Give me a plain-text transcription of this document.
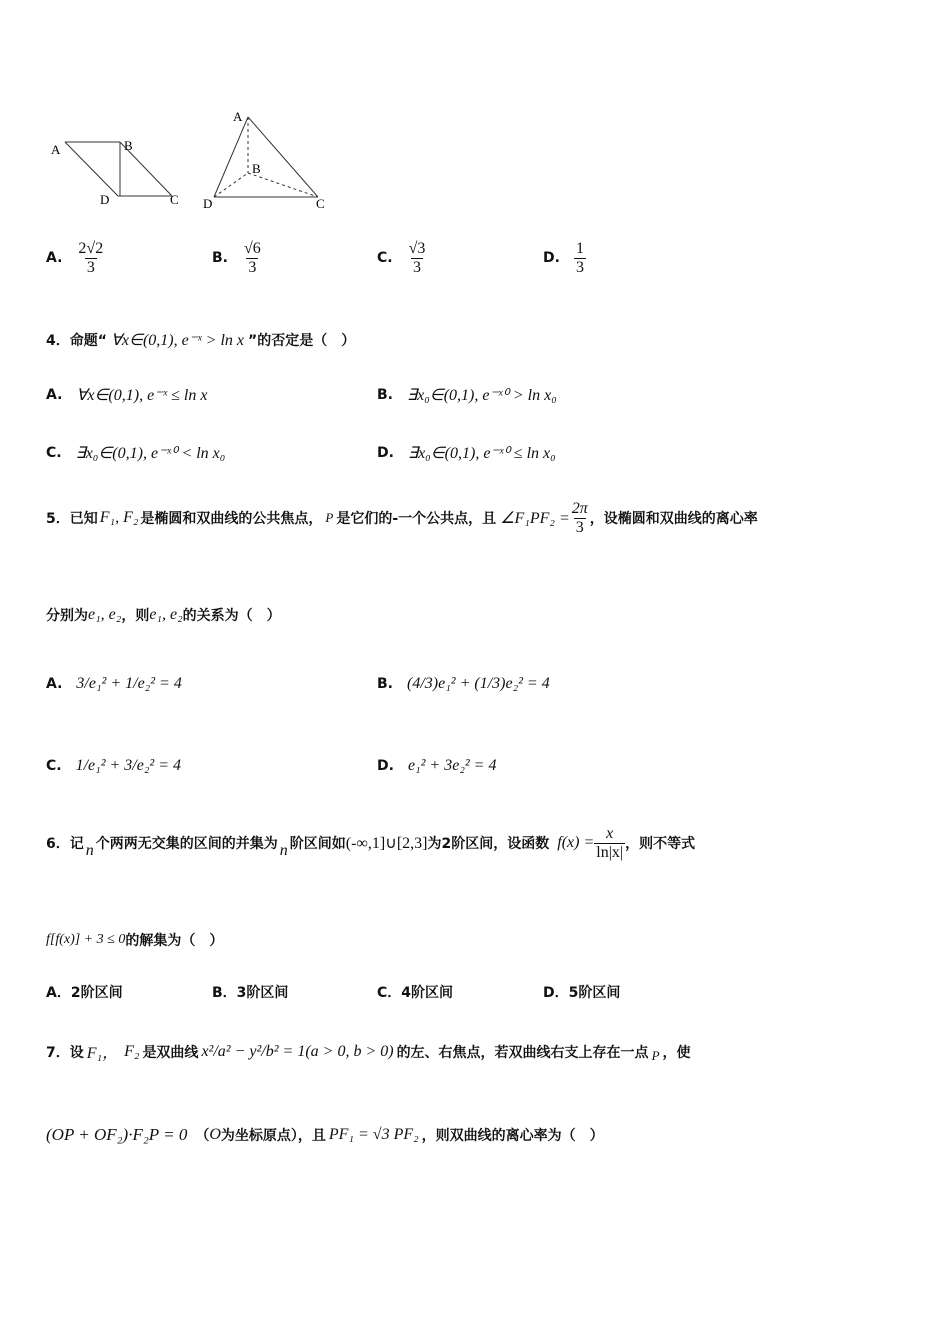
A	B
D	C
A
B
D	C
A. $\frac{2√2}{3}$	B. $\frac{√6}{3}$	C. $\frac{√3}{3}$	D. $\frac{1}{3}$
4． 命题“ ∀x∈(0,1), e⁻ˣ > ln x ”的否定是（　）
A. ∀x∈(0,1), e⁻ˣ ≤ ln x	B. ∃x₀∈(0,1), e⁻ˣ⁰ > ln x₀
C. ∃x₀∈(0,1), e⁻ˣ⁰ < ln x₀	D. ∃x₀∈(0,1), e⁻ˣ⁰ ≤ ln x₀
5． 已知 F₁, F₂ 是椭圆和双曲线的公共焦点， P 是它们的-一个公共点，且 ∠F₁PF₂ = $\frac{2\pi}{3}$ ，设椭圆和双曲线的离心率
分别为 e₁, e₂ ，则 e₁, e₂ 的关系为（　）
A. 3/e₁² + 1/e₂² = 4	B. (4/3)e₁² + (1/3)e₂² = 4
C. 1/e₁² + 3/e₂² = 4	D. e₁² + 3e₂² = 4
6． 记 n 个两两无交集的区间的并集为 n 阶区间如 (-∞,1]∪[2,3] 为2阶区间，设函数 $f(x) = \frac{x}{\ln|x|}$ ，则不等式
f[f(x)] + 3 ≤ 0 的解集为（　）
A． 2阶区间	B． 3阶区间	C． 4阶区间	D． 5阶区间
7． 设 F₁， F₂ 是双曲线 x²/a² − y²/b² = 1(a > 0, b > 0) 的左、右焦点，若双曲线右支上存在一点 P ，使
(OP + OF₂)·F₂P = 0 （ O 为坐标原点），且 PF₁ = √3 PF₂ ，则双曲线的离心率为（　）
